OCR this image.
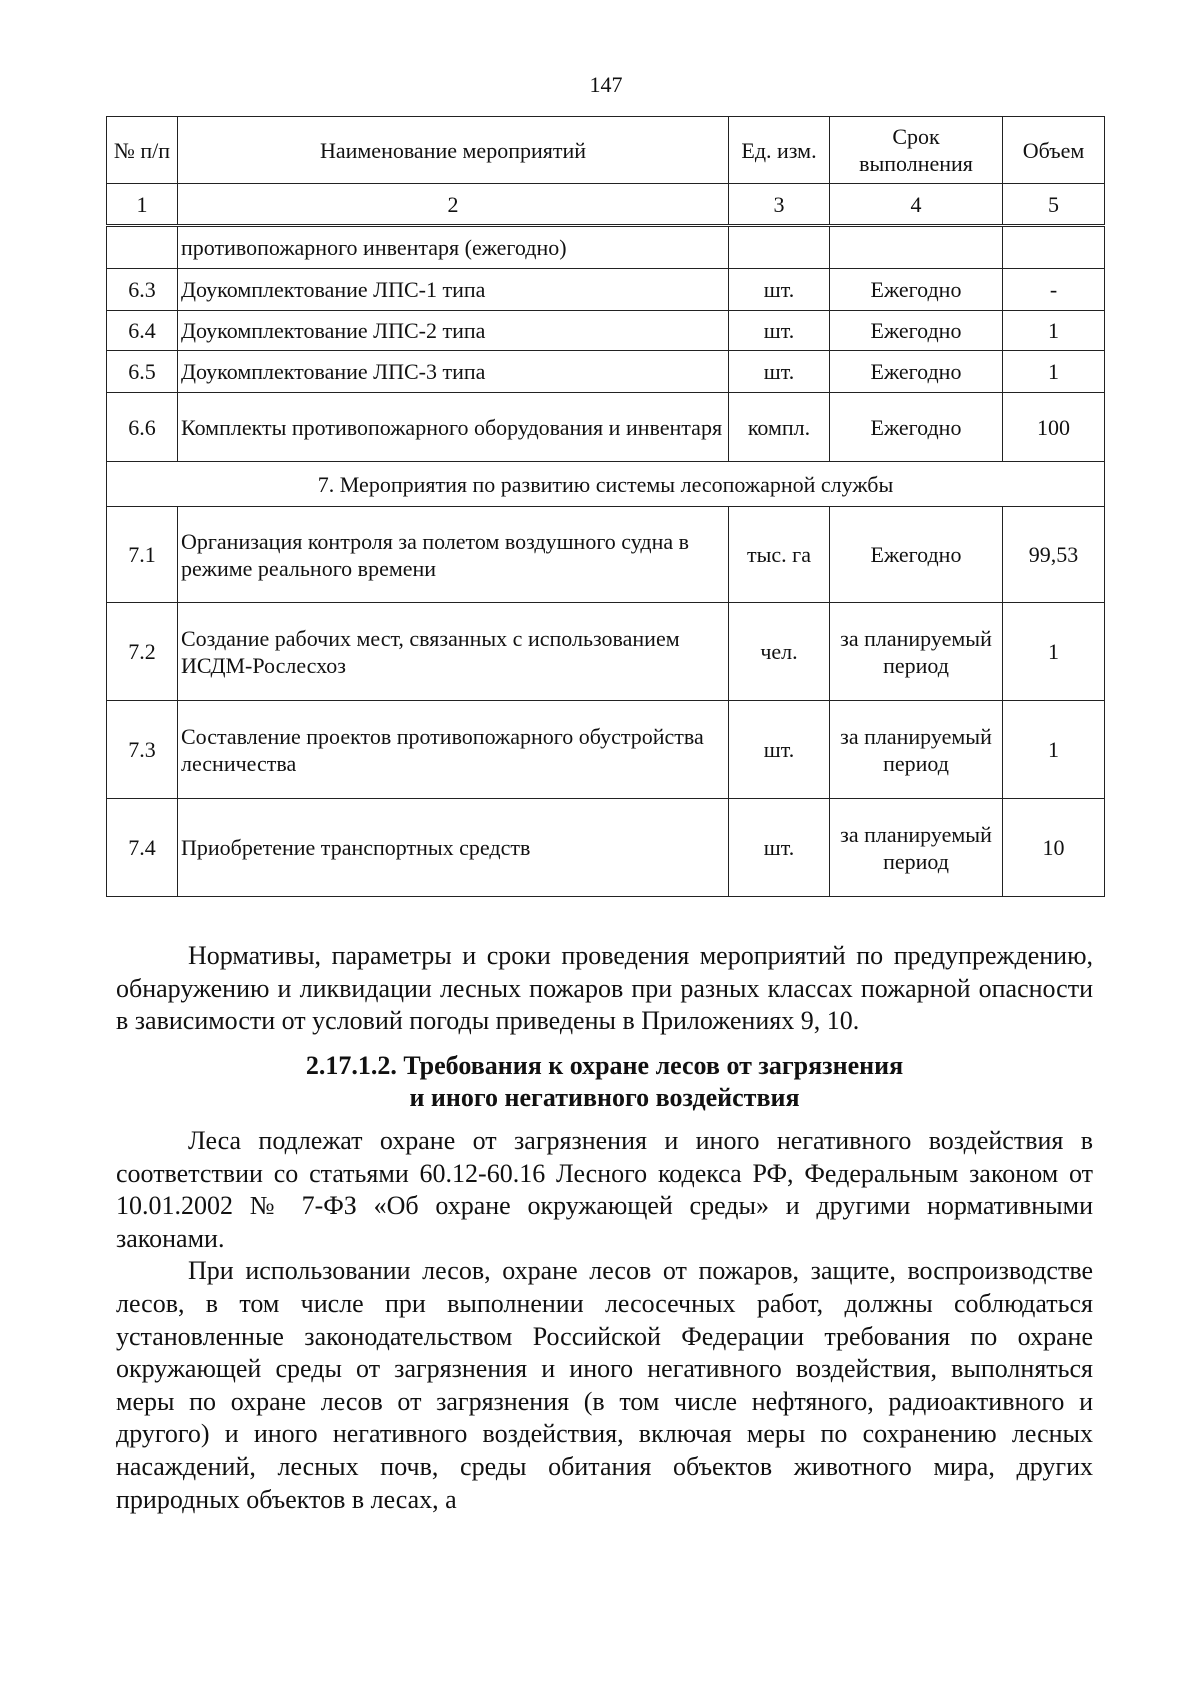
147
№ п/п	Наименование мероприятий	Ед. изм.	Срок выполнения	Объем
1	2	3	4	5
	противопожарного инвентаря (ежегодно)			
6.3	Доукомплектование ЛПС-1 типа	шт.	Ежегодно	-
6.4	Доукомплектование ЛПС-2 типа	шт.	Ежегодно	1
6.5	Доукомплектование ЛПС-3 типа	шт.	Ежегодно	1
6.6	Комплекты противопожарного оборудования и инвентаря	компл.	Ежегодно	100
7. Мероприятия по развитию системы лесопожарной службы				
7.1	Организация контроля за полетом воздушного судна в режиме реального времени	тыс. га	Ежегодно	99,53
7.2	Создание рабочих мест, связанных с использованием ИСДМ-Рослесхоз	чел.	за планируемый период	1
7.3	Составление проектов противопожарного обустройства лесничества	шт.	за планируемый период	1
7.4	Приобретение транспортных средств	шт.	за планируемый период	10

Нормативы, параметры и сроки проведения мероприятий по предупреждению, обнаружению и ликвидации лесных пожаров при разных классах пожарной опасности в зависимости от условий погоды приведены в Приложениях 9, 10.

2.17.1.2. Требования к охране лесов от загрязнения
и иного негативного воздействия

Леса подлежат охране от загрязнения и иного негативного воздействия в соответствии со статьями 60.12-60.16 Лесного кодекса РФ, Федеральным законом от 10.01.2002 № 7-ФЗ «Об охране окружающей среды» и другими нормативными законами.

При использовании лесов, охране лесов от пожаров, защите, воспроизводстве лесов, в том числе при выполнении лесосечных работ, должны соблюдаться установленные законодательством Российской Федерации требования по охране окружающей среды от загрязнения и иного негативного воздействия, выполняться меры по охране лесов от загрязнения (в том числе нефтяного, радиоактивного и другого) и иного негативного воздействия, включая меры по сохранению лесных насаждений, лесных почв, среды обитания объектов животного мира, других природных объектов в лесах, а
